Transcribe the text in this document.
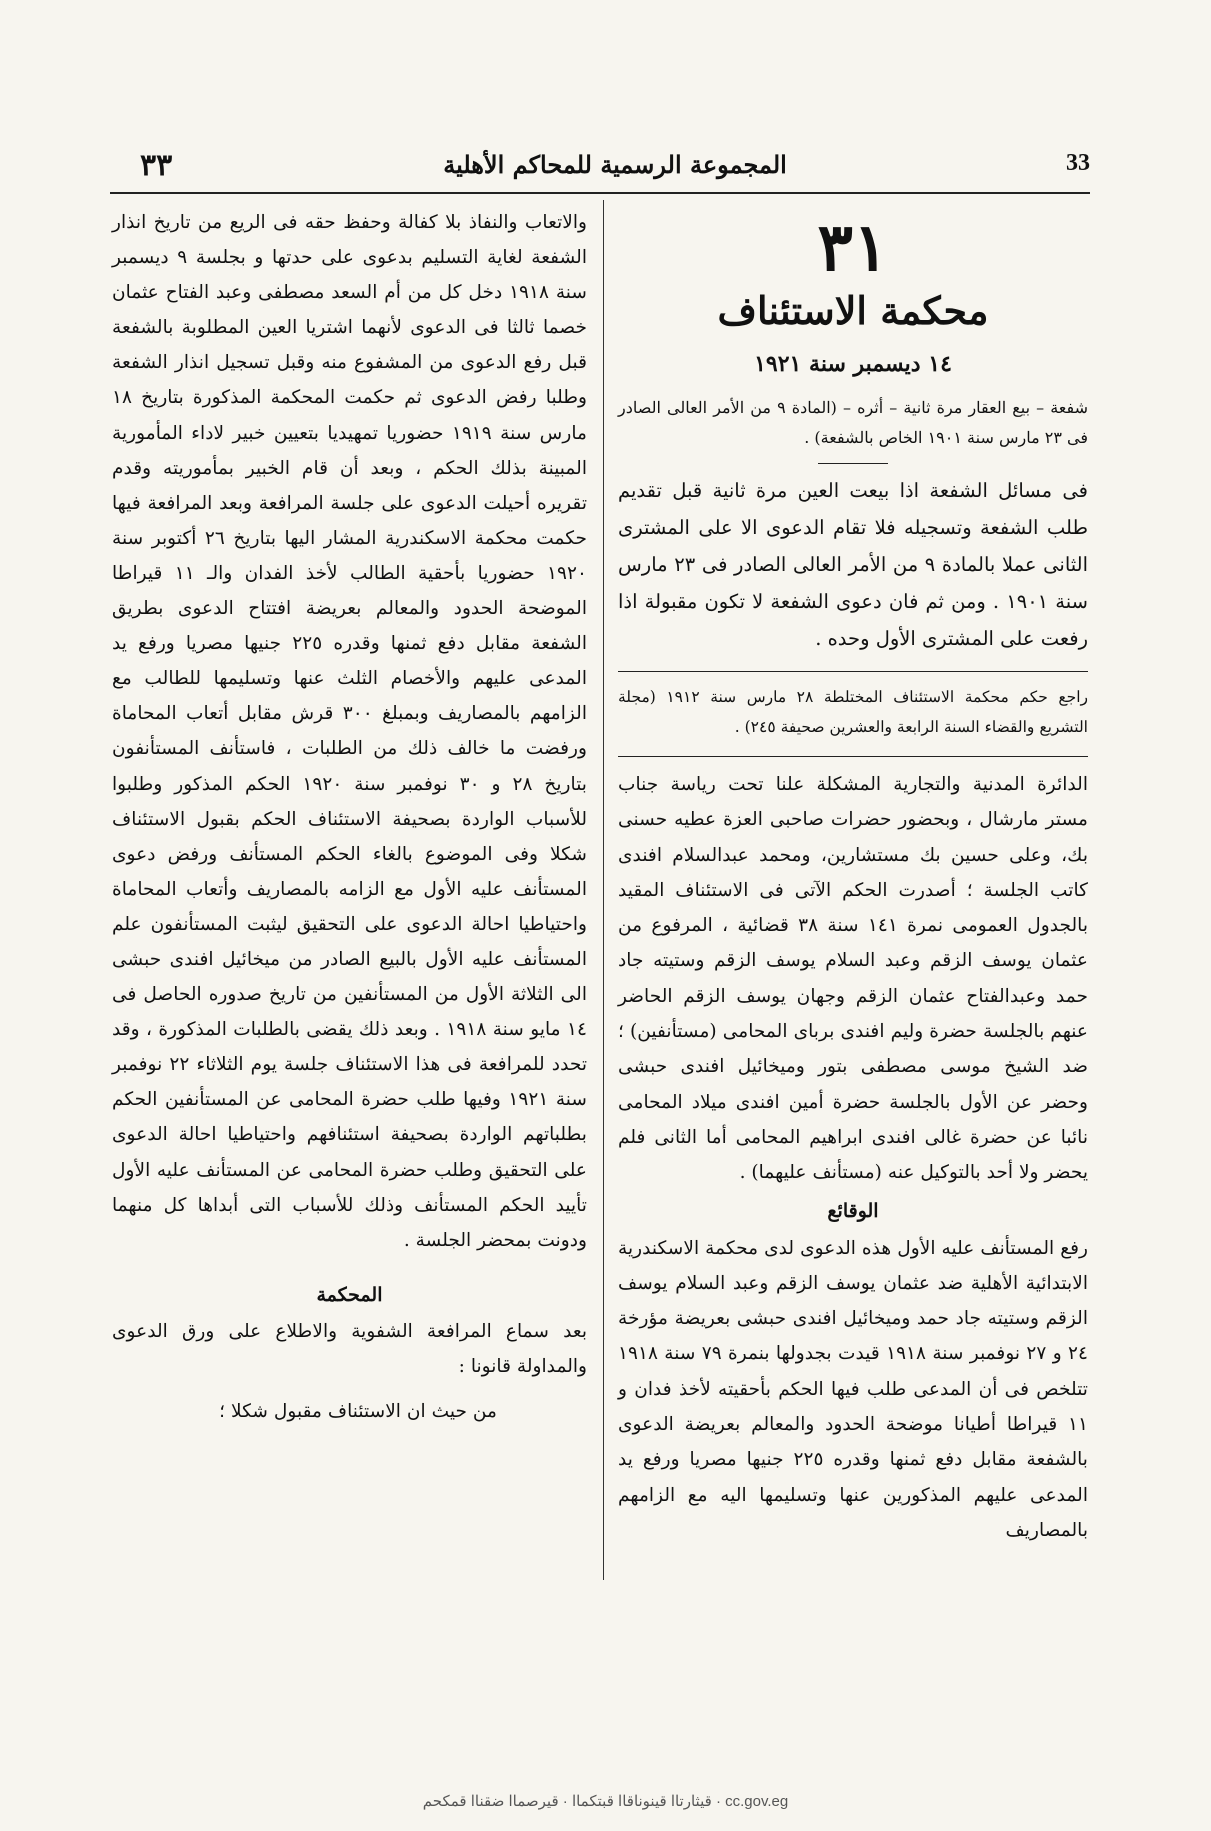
٣٣	المجموعة الرسمية للمحاكم الأهلية	33
٣١
محكمة الاستئناف
١٤ ديسمبر سنة ١٩٢١

شفعة – بيع العقار مرة ثانية – أثره – (المادة ٩ من الأمر العالى الصادر فى ٢٣ مارس سنة ١٩٠١ الخاص بالشفعة) .

فى مسائل الشفعة اذا بيعت العين مرة ثانية قبل تقديم طلب الشفعة وتسجيله فلا تقام الدعوى الا على المشترى الثانى عملا بالمادة ٩ من الأمر العالى الصادر فى ٢٣ مارس سنة ١٩٠١ . ومن ثم فان دعوى الشفعة لا تكون مقبولة اذا رفعت على المشترى الأول وحده .

راجع حكم محكمة الاستئناف المختلطة ٢٨ مارس سنة ١٩١٢ (مجلة التشريع والقضاء السنة الرابعة والعشرين صحيفة ٢٤٥) .

الدائرة المدنية والتجارية المشكلة علنا تحت رياسة جناب مستر مارشال ، وبحضور حضرات صاحبى العزة عطيه حسنى بك، وعلى حسين بك مستشارين، ومحمد عبدالسلام افندى كاتب الجلسة ؛ أصدرت الحكم الآتى فى الاستئناف المقيد بالجدول العمومى نمرة ١٤١ سنة ٣٨ قضائية ، المرفوع من عثمان يوسف الزقم وعبد السلام يوسف الزقم وستيته جاد حمد وعبدالفتاح عثمان الزقم وجهان يوسف الزقم الحاضر عنهم بالجلسة حضرة وليم افندى برباى المحامى (مستأنفين) ؛ ضد الشيخ موسى مصطفى بتور وميخائيل افندى حبشى وحضر عن الأول بالجلسة حضرة أمين افندى ميلاد المحامى نائبا عن حضرة غالى افندى ابراهيم المحامى أما الثانى فلم يحضر ولا أحد بالتوكيل عنه (مستأنف عليهما) .

الوقائع

رفع المستأنف عليه الأول هذه الدعوى لدى محكمة الاسكندرية الابتدائية الأهلية ضد عثمان يوسف الزقم وعبد السلام يوسف الزقم وستيته جاد حمد وميخائيل افندى حبشى بعريضة مؤرخة ٢٤ و ٢٧ نوفمبر سنة ١٩١٨ قيدت بجدولها بنمرة ٧٩ سنة ١٩١٨ تتلخص فى أن المدعى طلب فيها الحكم بأحقيته لأخذ فدان و ١١ قيراطا أطيانا موضحة الحدود والمعالم بعريضة الدعوى بالشفعة مقابل دفع ثمنها وقدره ٢٢٥ جنيها مصريا ورفع يد المدعى عليهم المذكورين عنها وتسليمها اليه مع الزامهم بالمصاريف

والاتعاب والنفاذ بلا كفالة وحفظ حقه فى الريع من تاريخ انذار الشفعة لغاية التسليم بدعوى على حدتها و بجلسة ٩ ديسمبر سنة ١٩١٨ دخل كل من أم السعد مصطفى وعبد الفتاح عثمان خصما ثالثا فى الدعوى لأنهما اشتريا العين المطلوبة بالشفعة قبل رفع الدعوى من المشفوع منه وقبل تسجيل انذار الشفعة وطلبا رفض الدعوى ثم حكمت المحكمة المذكورة بتاريخ ١٨ مارس سنة ١٩١٩ حضوريا تمهيديا بتعيين خبير لاداء المأمورية المبينة بذلك الحكم ، وبعد أن قام الخبير بمأموريته وقدم تقريره أحيلت الدعوى على جلسة المرافعة وبعد المرافعة فيها حكمت محكمة الاسكندرية المشار اليها بتاريخ ٢٦ أكتوبر سنة ١٩٢٠ حضوريا بأحقية الطالب لأخذ الفدان والـ ١١ قيراطا الموضحة الحدود والمعالم بعريضة افتتاح الدعوى بطريق الشفعة مقابل دفع ثمنها وقدره ٢٢٥ جنيها مصريا ورفع يد المدعى عليهم والأخصام الثلث عنها وتسليمها للطالب مع الزامهم بالمصاريف وبمبلغ ٣٠٠ قرش مقابل أتعاب المحاماة ورفضت ما خالف ذلك من الطلبات ، فاستأنف المستأنفون بتاريخ ٢٨ و ٣٠ نوفمبر سنة ١٩٢٠ الحكم المذكور وطلبوا للأسباب الواردة بصحيفة الاستئناف الحكم بقبول الاستئناف شكلا وفى الموضوع بالغاء الحكم المستأنف ورفض دعوى المستأنف عليه الأول مع الزامه بالمصاريف وأتعاب المحاماة واحتياطيا احالة الدعوى على التحقيق ليثبت المستأنفون علم المستأنف عليه الأول بالبيع الصادر من ميخائيل افندى حبشى الى الثلاثة الأول من المستأنفين من تاريخ صدوره الحاصل فى ١٤ مايو سنة ١٩١٨ . وبعد ذلك يقضى بالطلبات المذكورة ، وقد تحدد للمرافعة فى هذا الاستئناف جلسة يوم الثلاثاء ٢٢ نوفمبر سنة ١٩٢١ وفيها طلب حضرة المحامى عن المستأنفين الحكم بطلباتهم الواردة بصحيفة استئنافهم واحتياطيا احالة الدعوى على التحقيق وطلب حضرة المحامى عن المستأنف عليه الأول تأييد الحكم المستأنف وذلك للأسباب التى أبداها كل منهما ودونت بمحضر الجلسة .

المحكمة

بعد سماع المرافعة الشفوية والاطلاع على ورق الدعوى والمداولة قانونا :

من حيث ان الاستئناف مقبول شكلا ؛

قيثارتاا قينوناقاا قبتكماا · قيرصماا ضقناا قمكحم · cc.gov.eg
